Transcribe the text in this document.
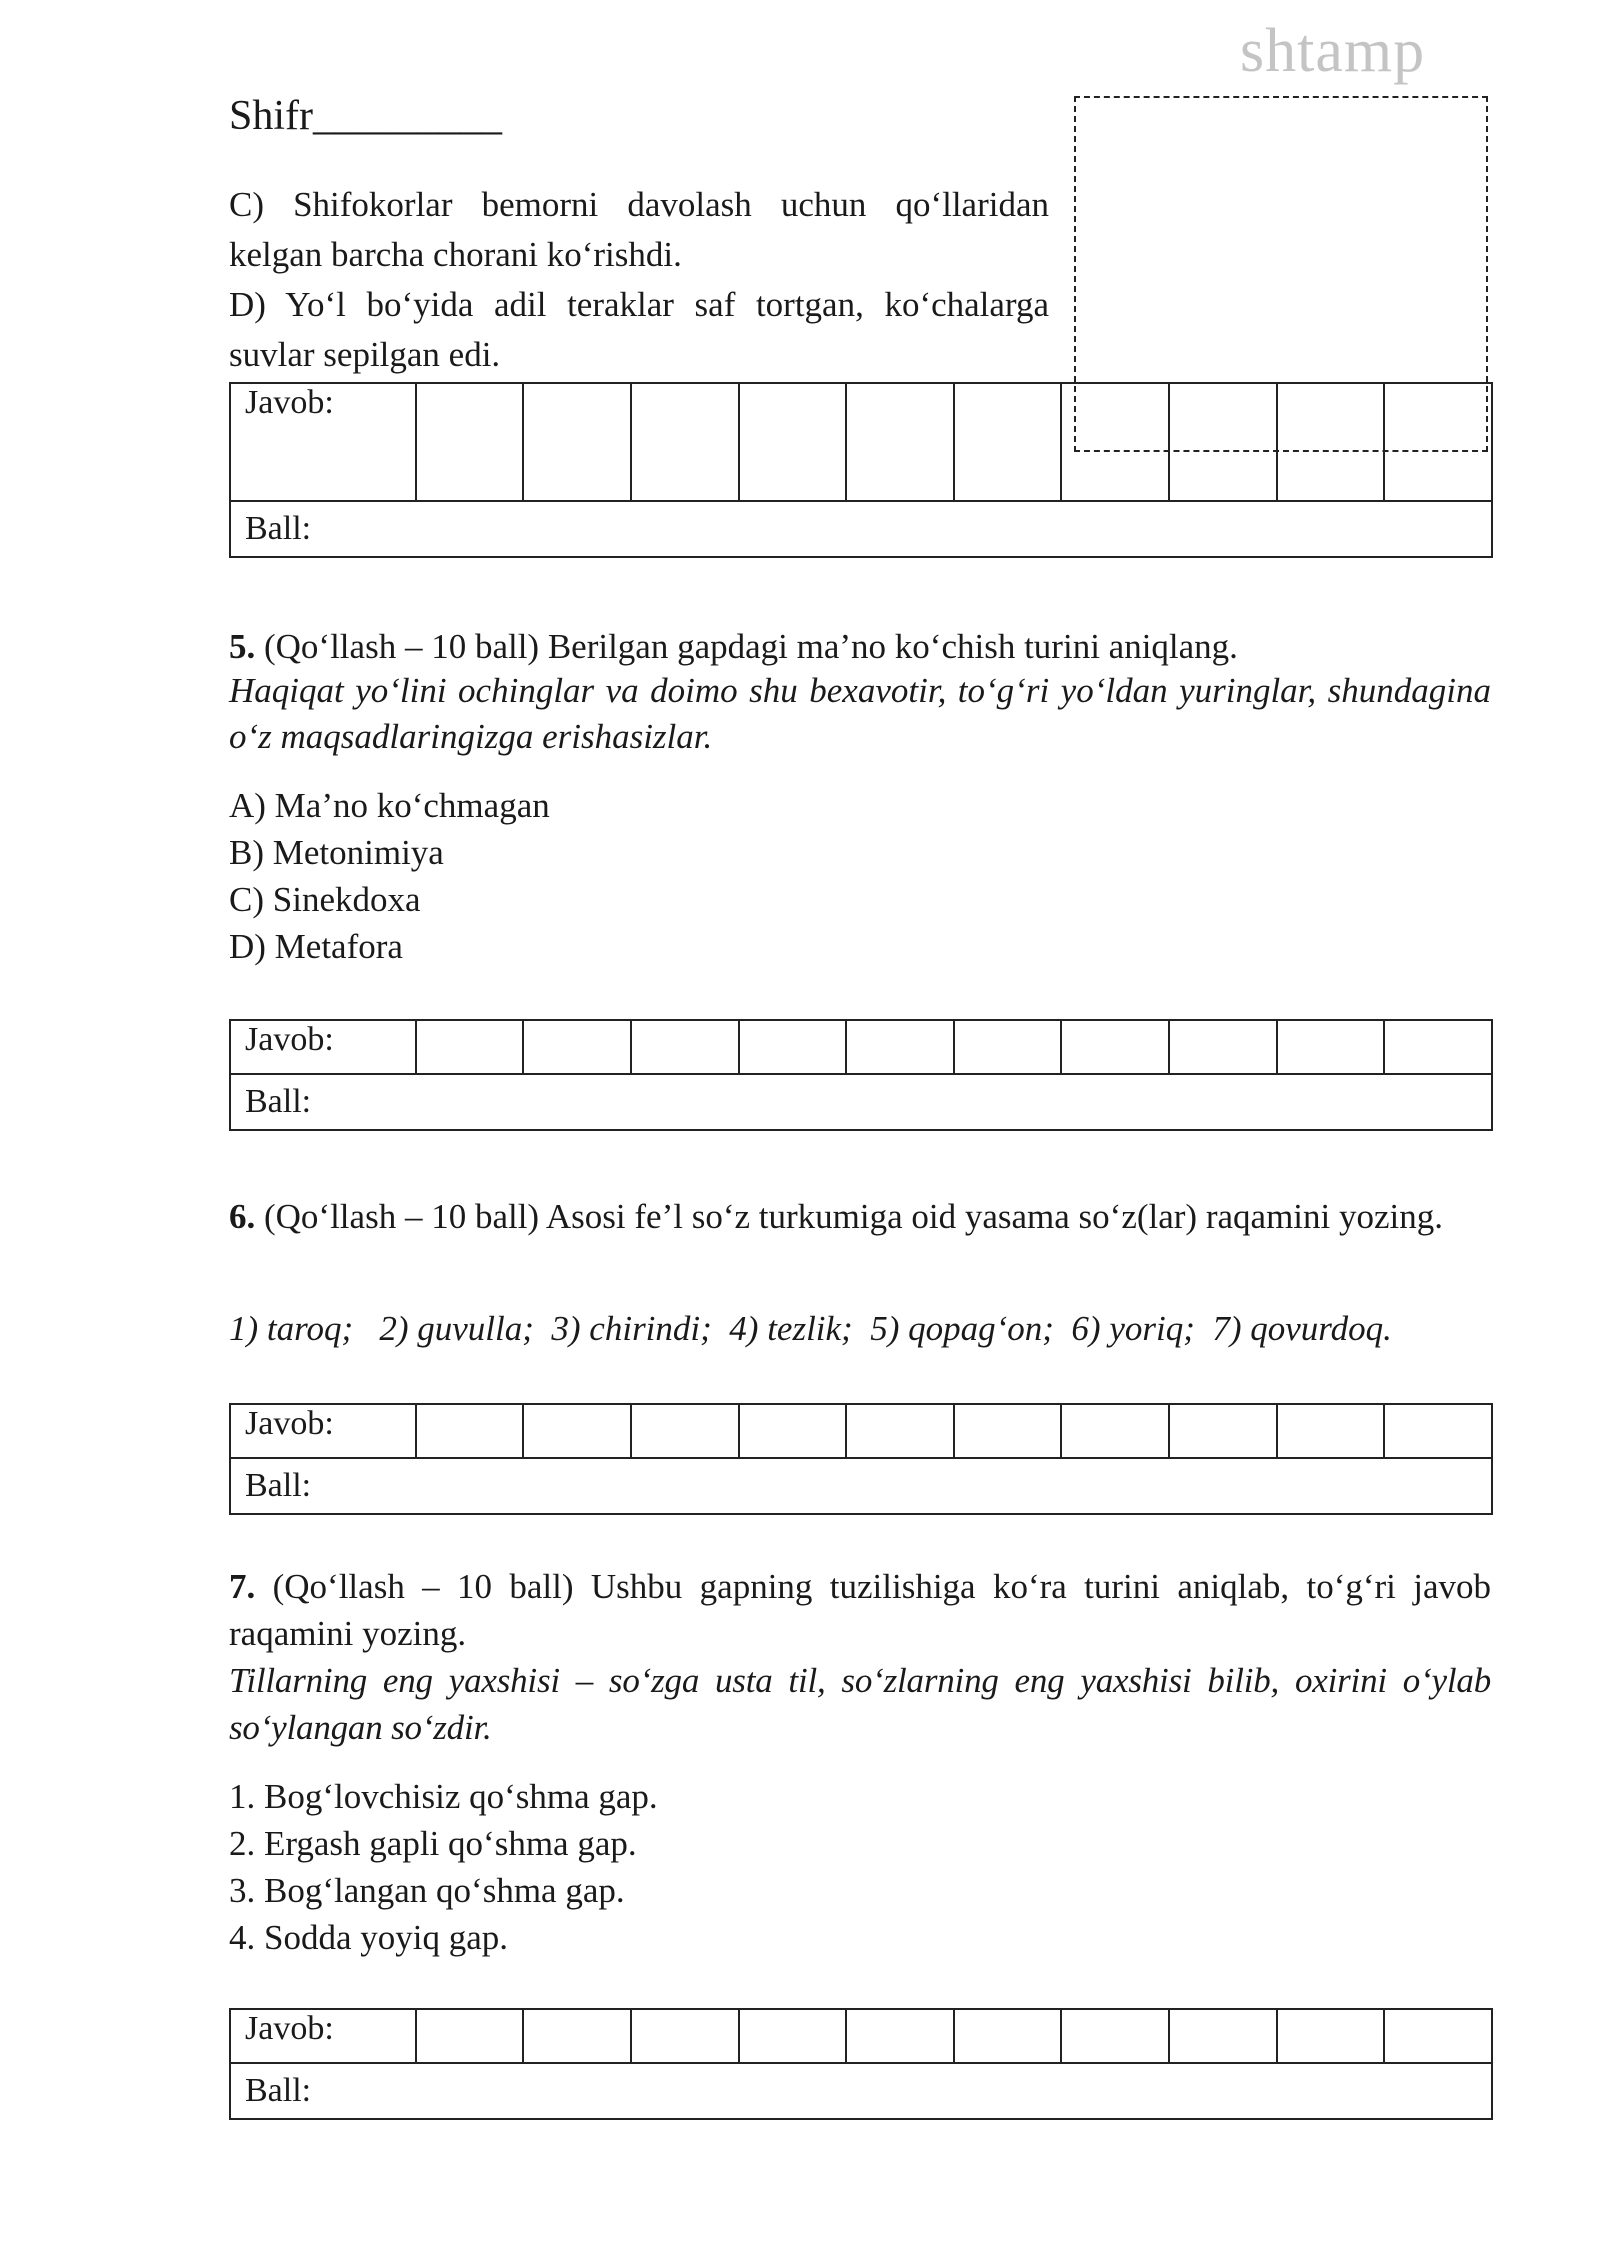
shtamp
Shifr_________
C) Shifokorlar bemorni davolash uchun qo‘llaridan kelgan barcha chorani ko‘rishdi.
D) Yo‘l bo‘yida adil teraklar saf tortgan, ko‘chalarga suvlar sepilgan edi.
Javob:										
Ball:
5. (Qo‘llash – 10 ball) Berilgan gapdagi ma’no ko‘chish turini aniqlang.
Haqiqat yo‘lini ochinglar va doimo shu bexavotir, to‘g‘ri yo‘ldan yuringlar, shundagina o‘z maqsadlaringizga erishasizlar.
A) Ma’no ko‘chmagan
B) Metonimiya
C) Sinekdoxa
D) Metafora
Javob:										
Ball:
6. (Qo‘llash – 10 ball) Asosi fe’l so‘z turkumiga oid yasama so‘z(lar) raqamini yozing.
1) taroq;   2) guvulla;  3) chirindi;  4) tezlik;  5) qopag‘on;  6) yoriq;  7) qovurdoq.
Javob:										
Ball:
7. (Qo‘llash – 10 ball) Ushbu gapning tuzilishiga ko‘ra turini aniqlab, to‘g‘ri javob raqamini yozing.
Tillarning eng yaxshisi – so‘zga usta til, so‘zlarning eng yaxshisi bilib, oxirini o‘ylab so‘ylangan so‘zdir.
1. Bog‘lovchisiz qo‘shma gap.
2. Ergash gapli qo‘shma gap.
3. Bog‘langan qo‘shma gap.
4. Sodda yoyiq gap.
Javob:										
Ball:
